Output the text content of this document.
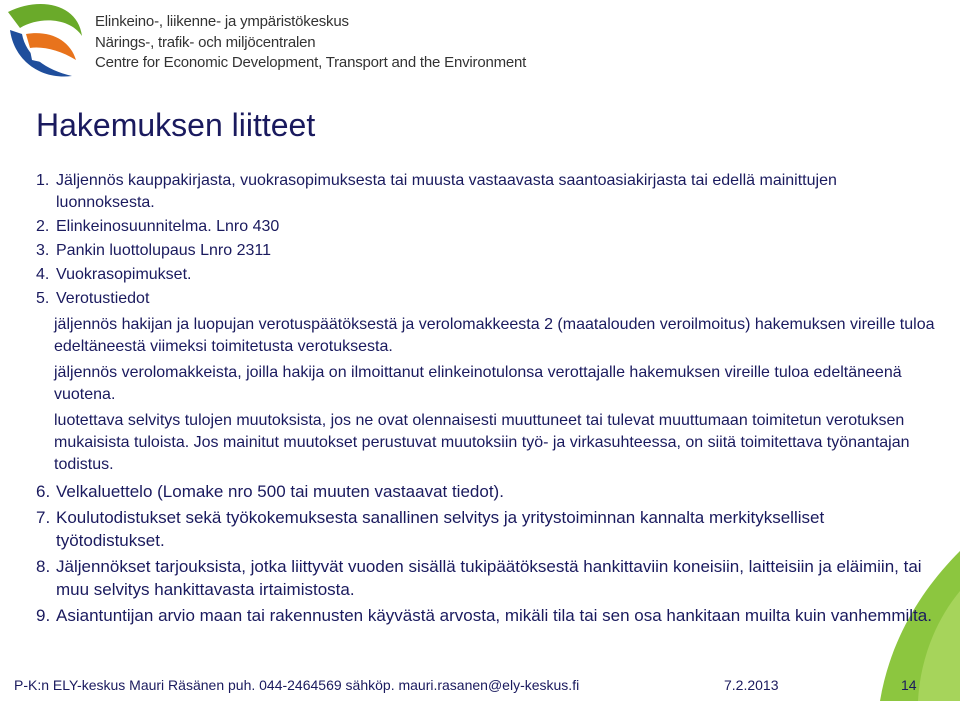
Elinkeino-, liikenne- ja ympäristökeskus
Närings-, trafik- och miljöcentralen
Centre for Economic Development, Transport and the Environment
Hakemuksen liitteet
1. Jäljennös kauppakirjasta, vuokrasopimuksesta tai muusta vastaavasta saantoasiakirjasta tai edellä mainittujen luonnoksesta.
2. Elinkeinosuunnitelma. Lnro 430
3. Pankin luottolupaus Lnro 2311
4. Vuokrasopimukset.
5. Verotustiedot
jäljennös hakijan ja luopujan verotuspäätöksestä ja verolomakkeesta 2 (maatalouden veroilmoitus) hakemuksen vireille tuloa edeltäneestä viimeksi toimitetusta verotuksesta.
jäljennös verolomakkeista, joilla hakija on ilmoittanut elinkeinotulonsa verottajalle hakemuksen vireille tuloa edeltäneenä vuotena.
luotettava selvitys tulojen muutoksista, jos ne ovat olennaisesti muuttuneet tai tulevat muuttumaan toimitetun verotuksen mukaisista tuloista. Jos mainitut muutokset perustuvat muutoksiin työ- ja virkasuhteessa, on siitä toimitettava työnantajan todistus.
6. Velkaluettelo (Lomake nro 500 tai muuten vastaavat tiedot).
7. Koulutodistukset sekä työkokemuksesta sanallinen selvitys ja yritystoiminnan kannalta merkitykselliset työtodistukset.
8. Jäljennökset tarjouksista, jotka liittyvät vuoden sisällä tukipäätöksestä hankittaviin koneisiin, laitteisiin ja eläimiin, tai muu selvitys hankittavasta irtaimistosta.
9. Asiantuntijan arvio maan tai rakennusten käyvästä arvosta, mikäli tila tai sen osa hankitaan muilta kuin vanhemmilta.
P-K:n ELY-keskus Mauri Räsänen puh. 044-2464569 sähköp. mauri.rasanen@ely-keskus.fi	7.2.2013	14
